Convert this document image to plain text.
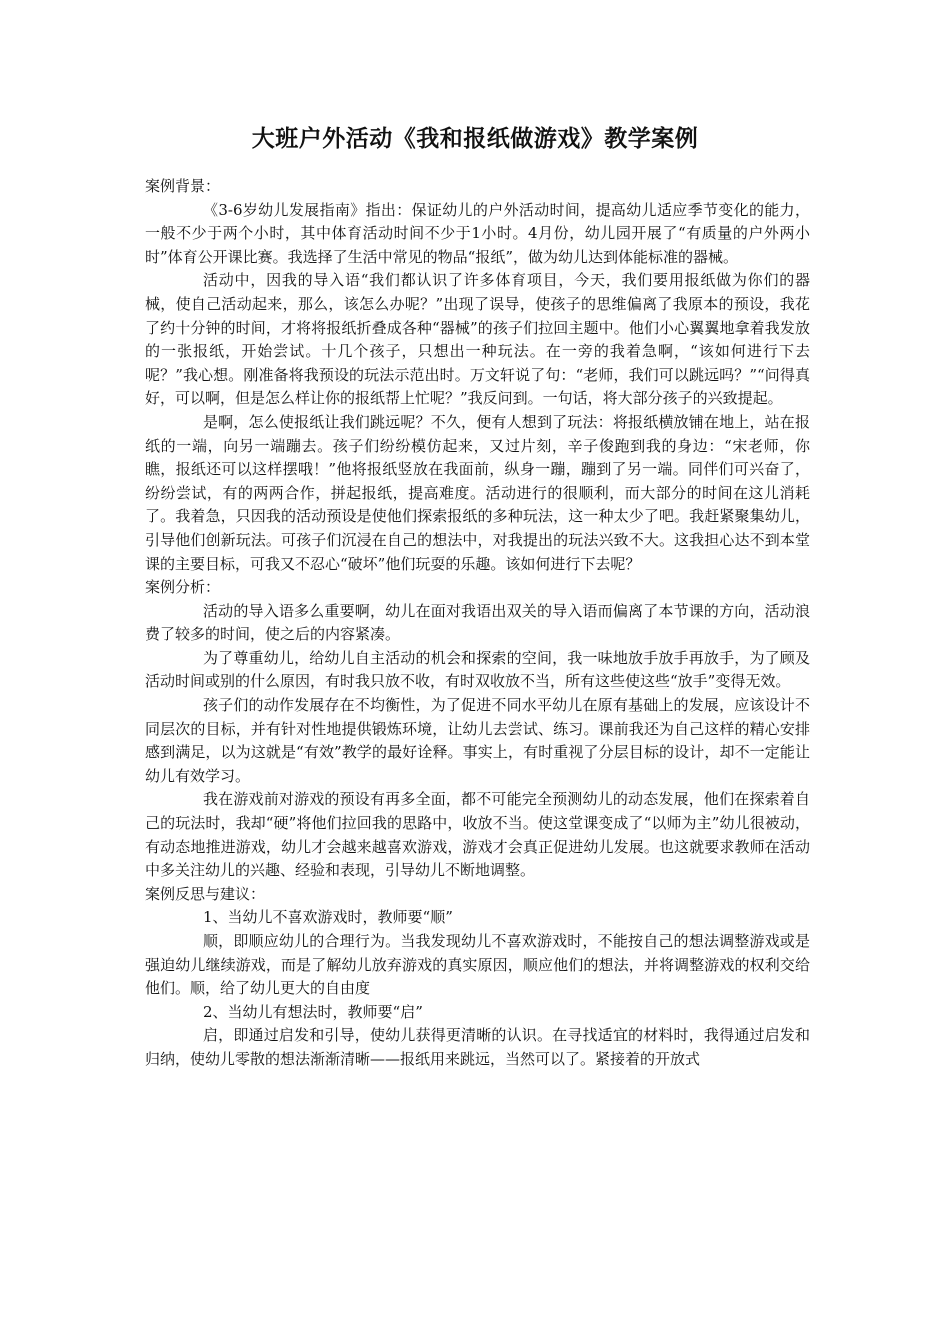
大班户外活动《我和报纸做游戏》教学案例

案例背景：

《3-6岁幼儿发展指南》指出：保证幼儿的户外活动时间，提高幼儿适应季节变化的能力，一般不少于两个小时，其中体育活动时间不少于1小时。4月份，幼儿园开展了“有质量的户外两小时”体育公开课比赛。我选择了生活中常见的物品“报纸”，做为幼儿达到体能标准的器械。

活动中，因我的导入语“我们都认识了许多体育项目，今天，我们要用报纸做为你们的器械，使自己活动起来，那么，该怎么办呢？”出现了误导，使孩子的思维偏离了我原本的预设，我花了约十分钟的时间，才将将报纸折叠成各种“器械”的孩子们拉回主题中。他们小心翼翼地拿着我发放的一张报纸，开始尝试。十几个孩子，只想出一种玩法。在一旁的我着急啊，“该如何进行下去呢？”我心想。刚准备将我预设的玩法示范出时。万文轩说了句：“老师，我们可以跳远吗？”“问得真好，可以啊，但是怎么样让你的报纸帮上忙呢？”我反问到。一句话，将大部分孩子的兴致提起。

是啊，怎么使报纸让我们跳远呢？不久，便有人想到了玩法：将报纸横放铺在地上，站在报纸的一端，向另一端蹦去。孩子们纷纷模仿起来，又过片刻，辛子俊跑到我的身边：“宋老师，你瞧，报纸还可以这样摆哦！”他将报纸竖放在我面前，纵身一蹦，蹦到了另一端。同伴们可兴奋了，纷纷尝试，有的两两合作，拼起报纸，提高难度。活动进行的很顺利，而大部分的时间在这儿消耗了。我着急，只因我的活动预设是使他们探索报纸的多种玩法，这一种太少了吧。我赶紧聚集幼儿，引导他们创新玩法。可孩子们沉浸在自己的想法中，对我提出的玩法兴致不大。这我担心达不到本堂课的主要目标，可我又不忍心“破坏”他们玩耍的乐趣。该如何进行下去呢？

案例分析：

活动的导入语多么重要啊，幼儿在面对我语出双关的导入语而偏离了本节课的方向，活动浪费了较多的时间，使之后的内容紧凑。

为了尊重幼儿，给幼儿自主活动的机会和探索的空间，我一味地放手放手再放手，为了顾及活动时间或别的什么原因，有时我只放不收，有时双收放不当，所有这些使这些“放手”变得无效。

孩子们的动作发展存在不均衡性，为了促进不同水平幼儿在原有基础上的发展，应该设计不同层次的目标，并有针对性地提供锻炼环境，让幼儿去尝试、练习。课前我还为自己这样的精心安排感到满足，以为这就是“有效”教学的最好诠释。事实上，有时重视了分层目标的设计，却不一定能让幼儿有效学习。

我在游戏前对游戏的预设有再多全面，都不可能完全预测幼儿的动态发展，他们在探索着自己的玩法时，我却“硬”将他们拉回我的思路中，收放不当。使这堂课变成了“以师为主”幼儿很被动，有动态地推进游戏，幼儿才会越来越喜欢游戏，游戏才会真正促进幼儿发展。也这就要求教师在活动中多关注幼儿的兴趣、经验和表现，引导幼儿不断地调整。

案例反思与建议：

1、当幼儿不喜欢游戏时，教师要“顺”

顺，即顺应幼儿的合理行为。当我发现幼儿不喜欢游戏时，不能按自己的想法调整游戏或是强迫幼儿继续游戏，而是了解幼儿放弃游戏的真实原因，顺应他们的想法，并将调整游戏的权利交给他们。顺，给了幼儿更大的自由度

2、当幼儿有想法时，教师要“启”

启，即通过启发和引导，使幼儿获得更清晰的认识。在寻找适宜的材料时，我得通过启发和归纳，使幼儿零散的想法渐渐清晰——报纸用来跳远，当然可以了。紧接着的开放式
